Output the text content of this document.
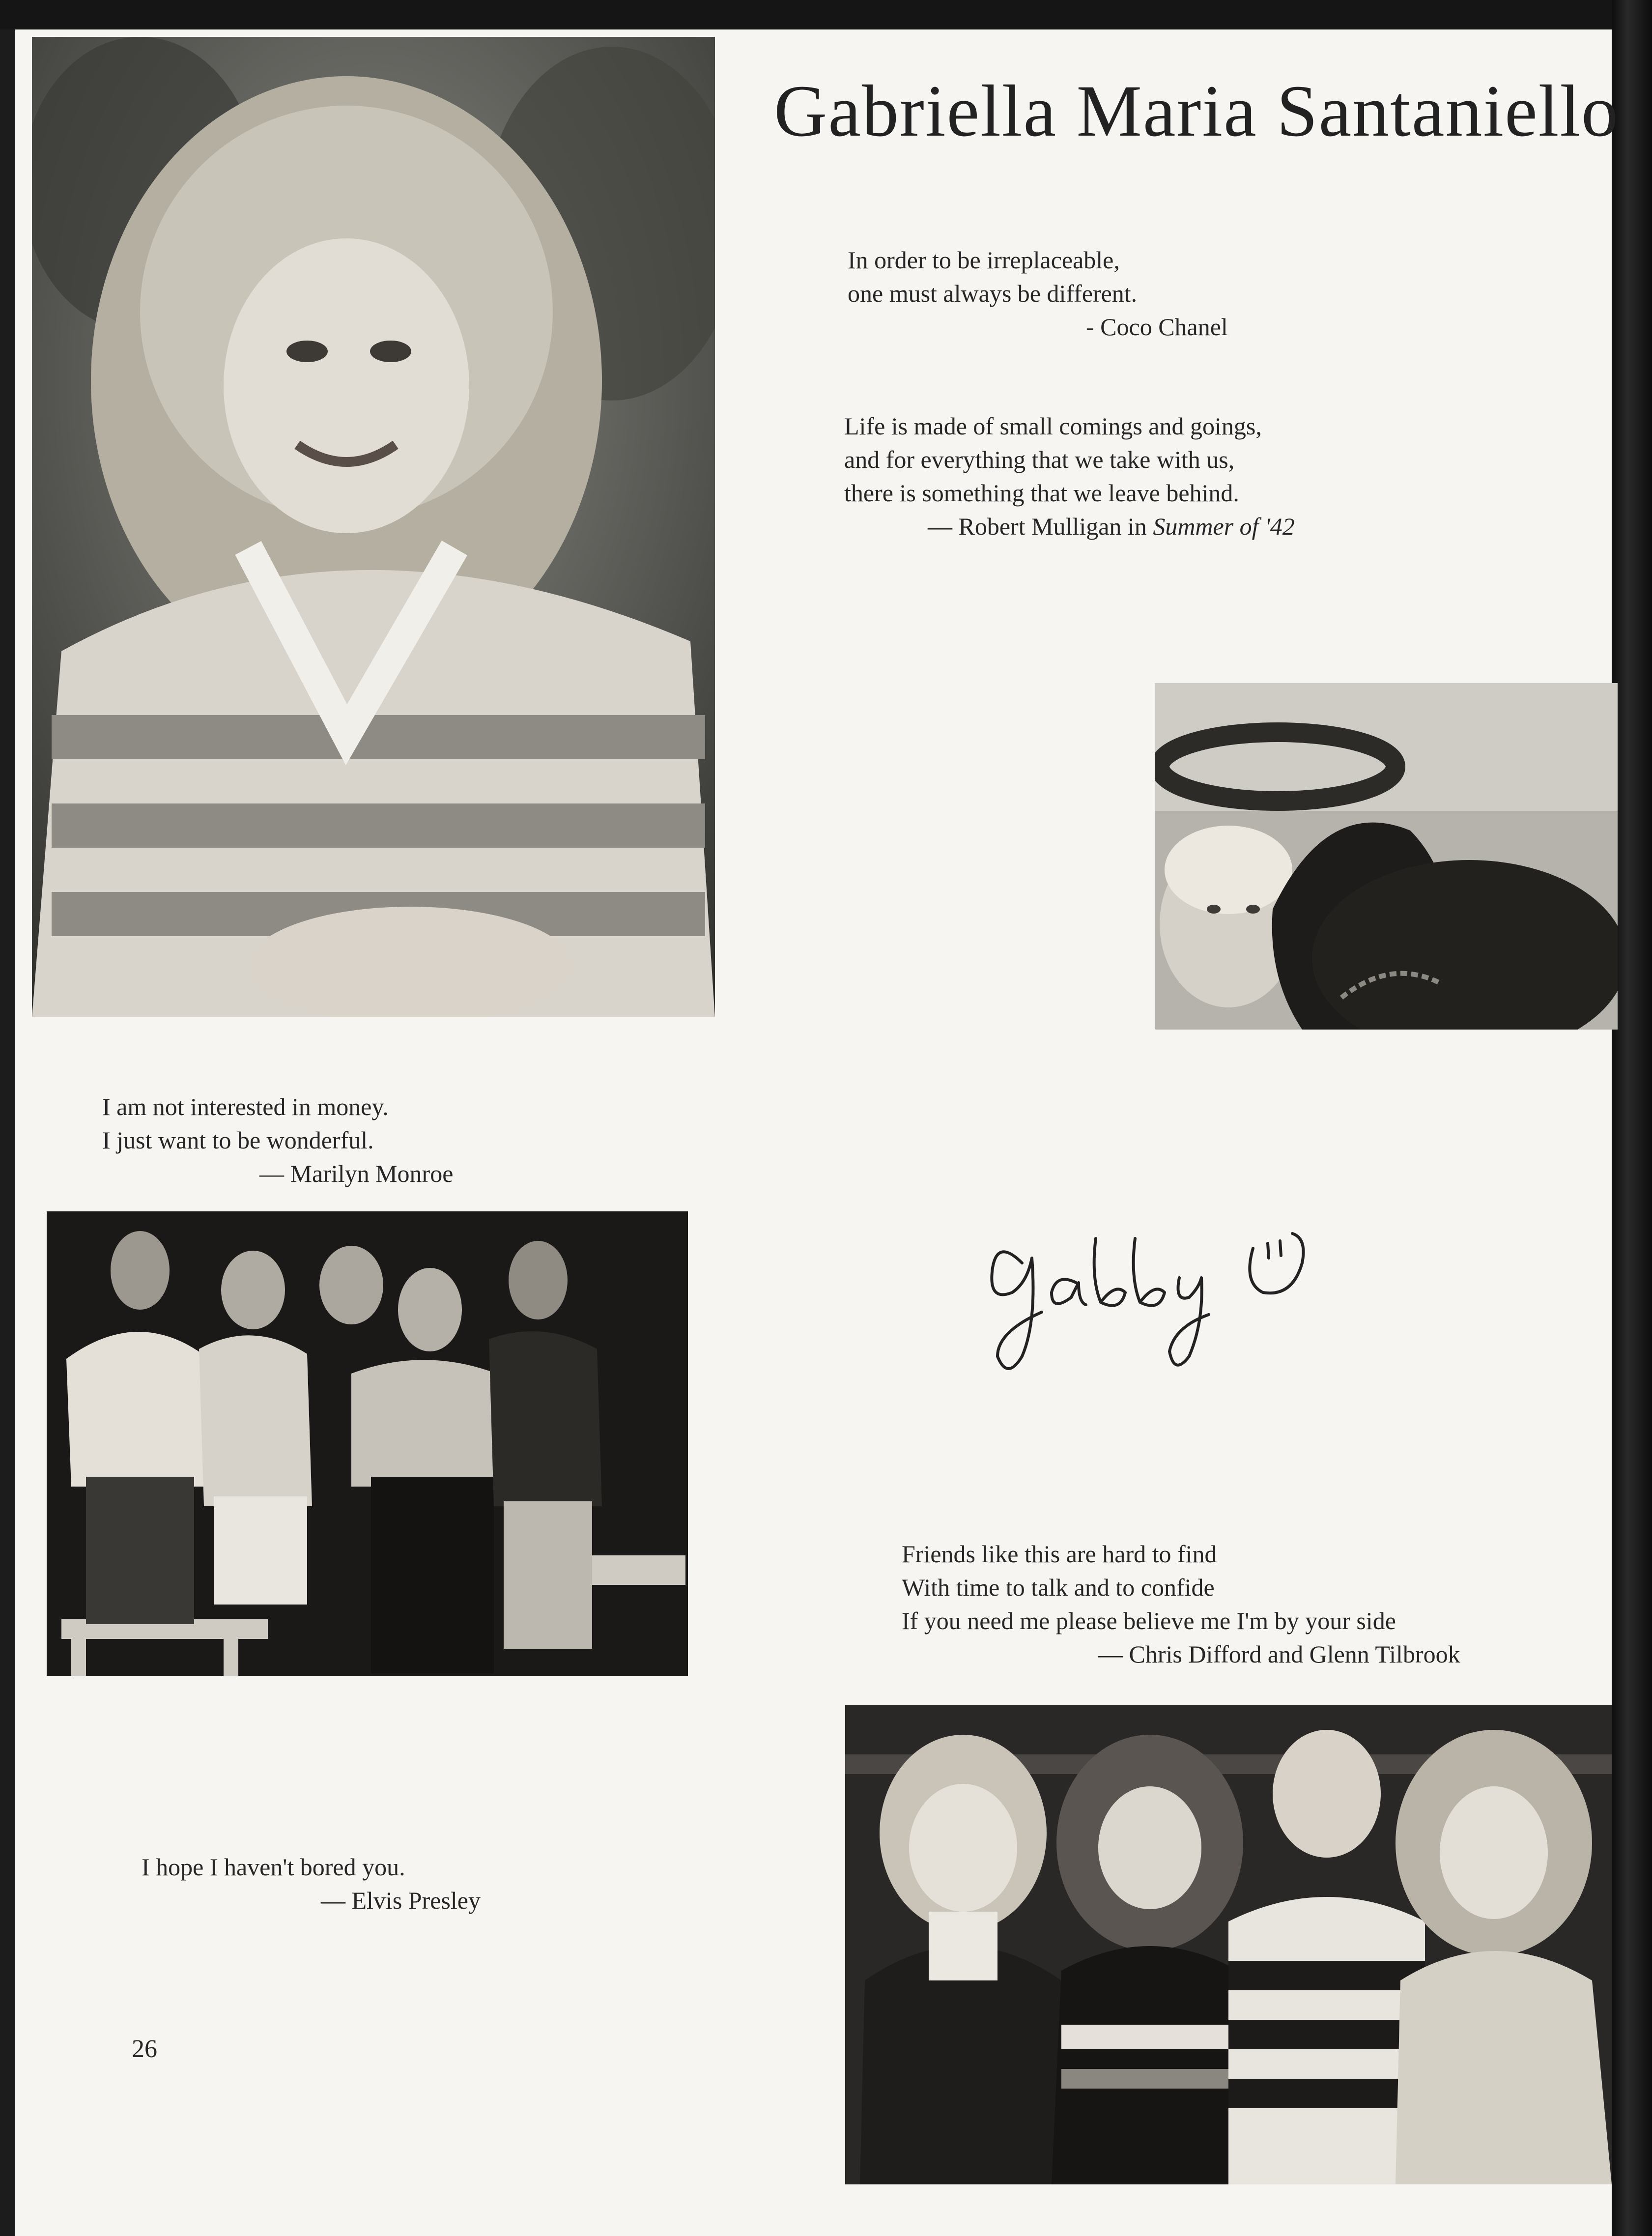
Gabriella Maria Santaniello
In order to be irreplaceable,
one must always be different.
- Coco Chanel
Life is made of small comings and goings,
and for everything that we take with us,
there is something that we leave behind.
— Robert Mulligan in Summer of '42
I am not interested in money.
I just want to be wonderful.
— Marilyn Monroe
Friends like this are hard to find
With time to talk and to confide
If you need me please believe me I'm by your side
— Chris Difford and Glenn Tilbrook
I hope I haven't bored you.
— Elvis Presley
26
